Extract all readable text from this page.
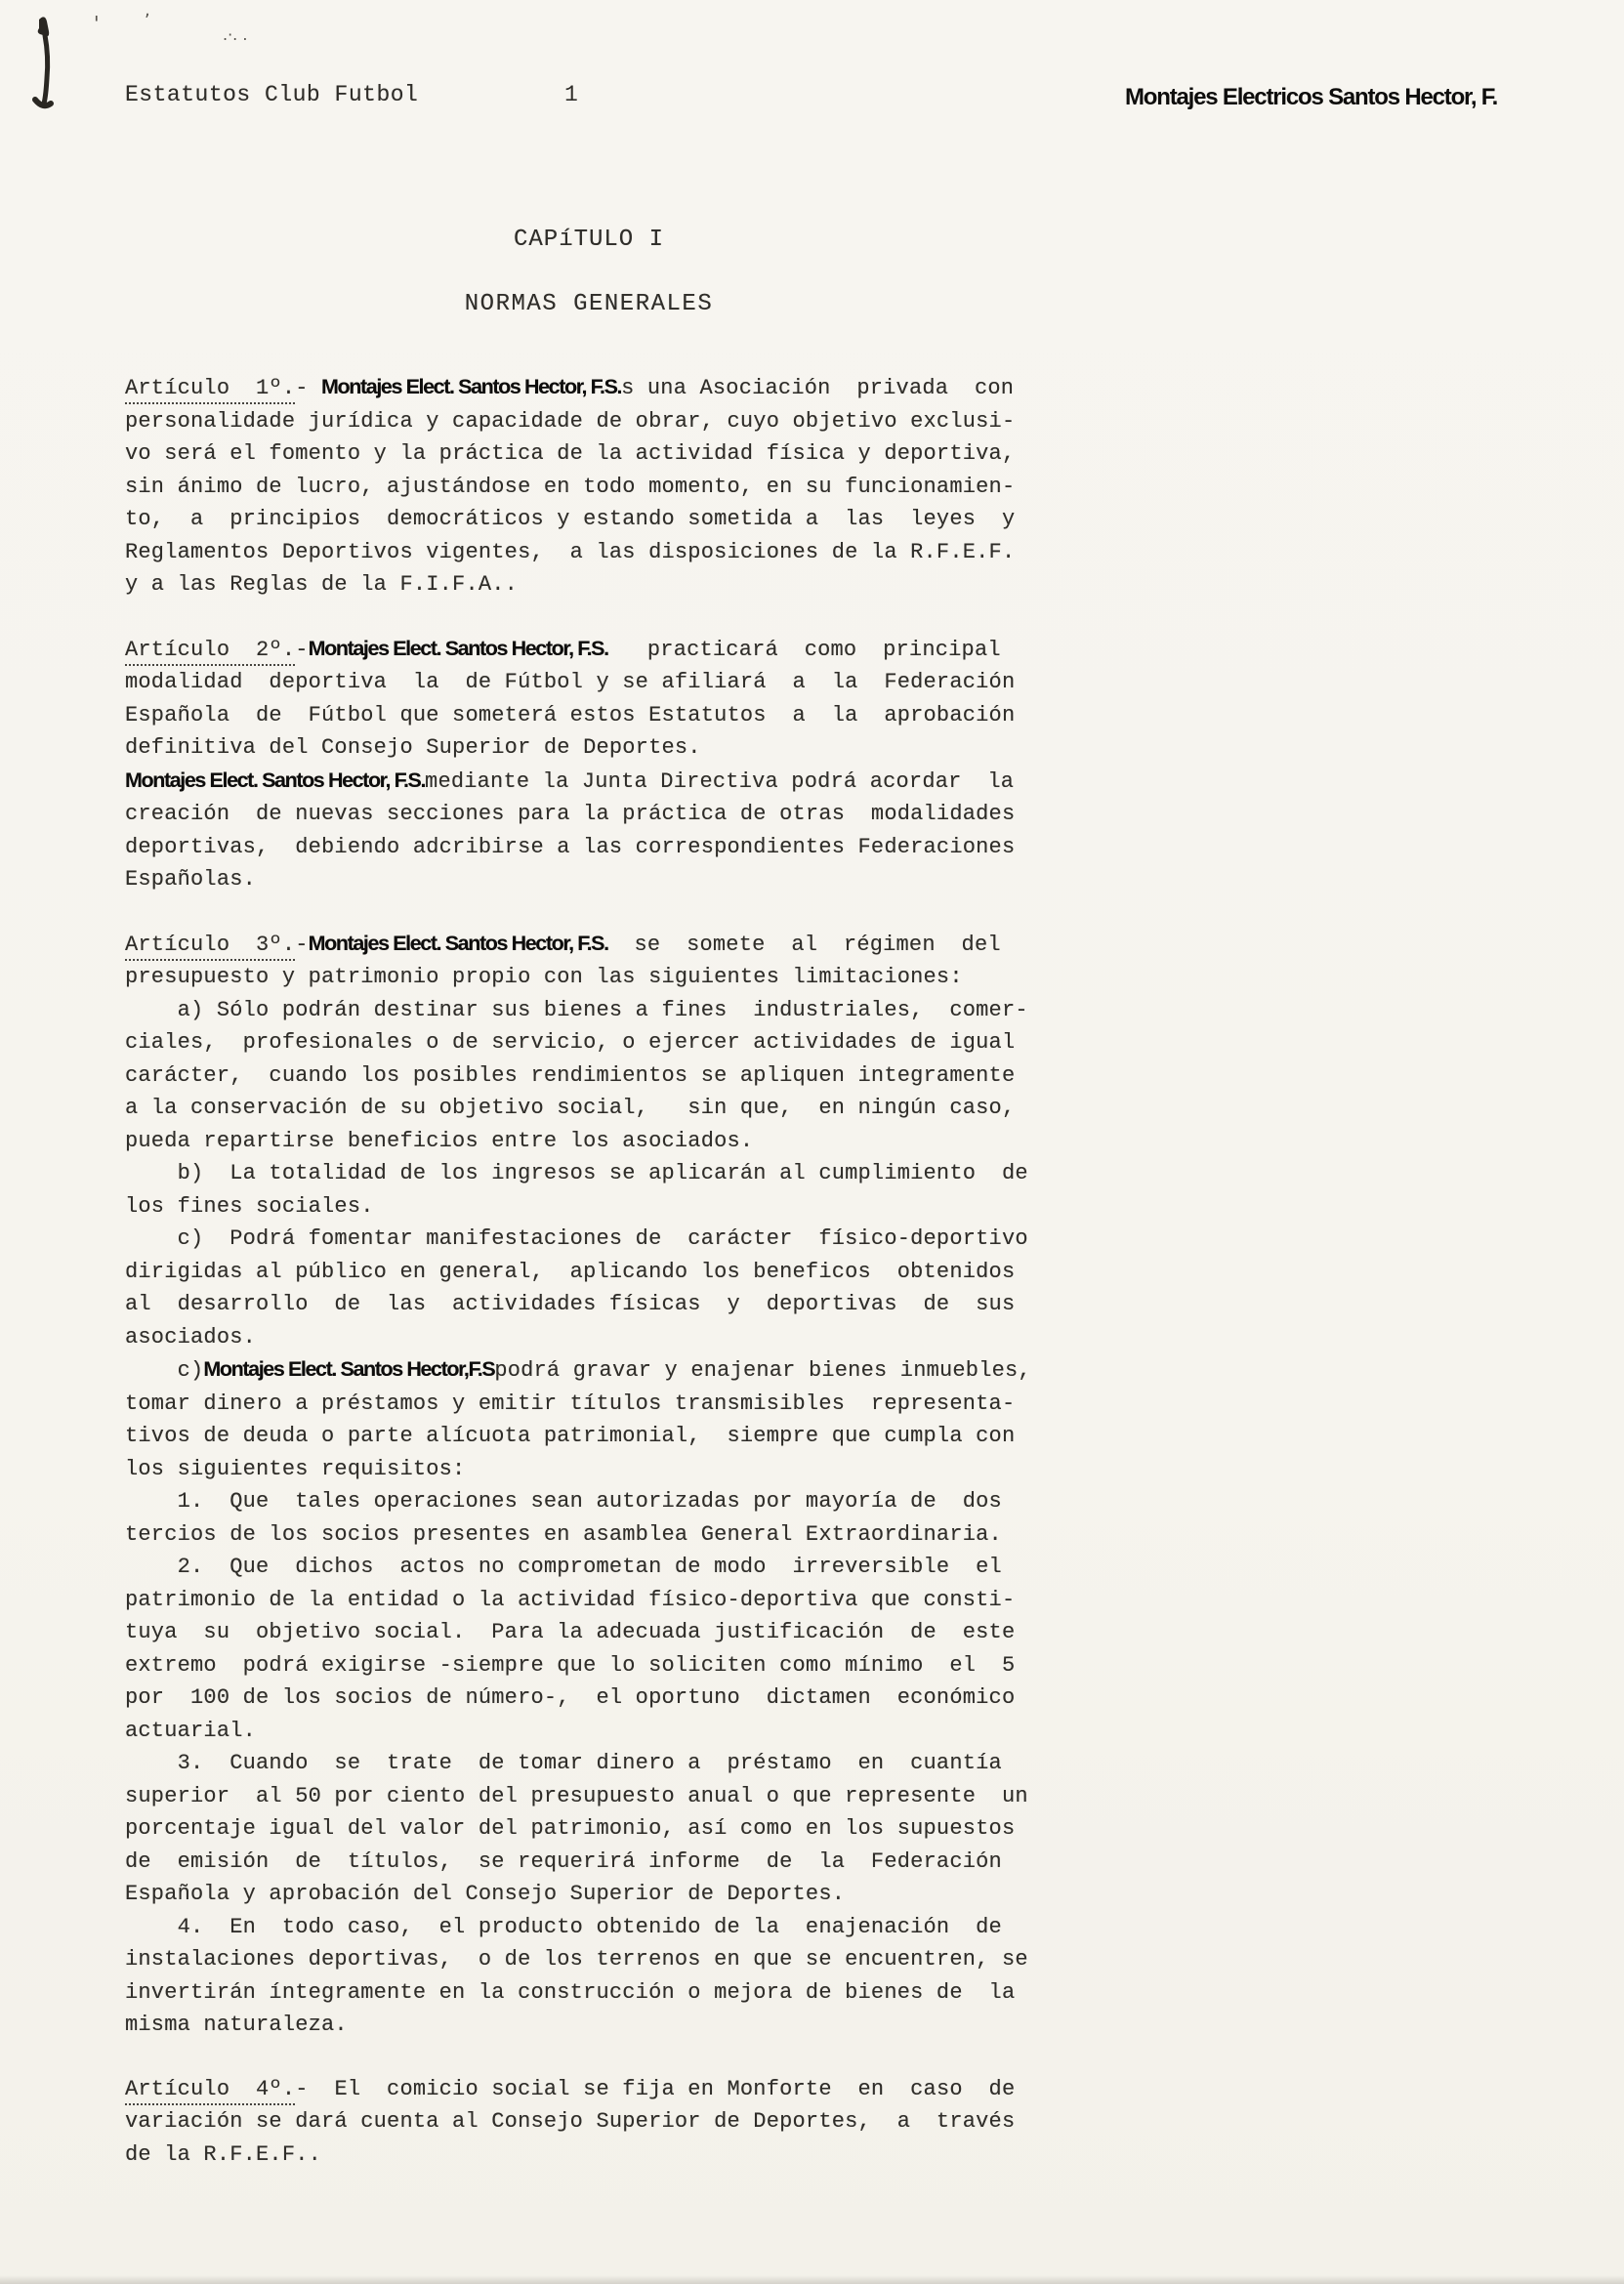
'
,
.·. .
Estatutos Club Futbol	1	Montajes Electricos Santos Hector, F.
CAPíTULO I
NORMAS GENERALES
Artículo  1º.- Montajes Elect. Santos Hector, F.S.s una Asociación  privada  con
personalidade jurídica y capacidade de obrar, cuyo objetivo exclusi-
vo será el fomento y la práctica de la actividad física y deportiva,
sin ánimo de lucro, ajustándose en todo momento, en su funcionamien-
to,  a  principios  democráticos y estando sometida a  las  leyes  y
Reglamentos Deportivos vigentes,  a las disposiciones de la R.F.E.F.
y a las Reglas de la F.I.F.A..
Artículo  2º.-Montajes Elect. Santos Hector, F.S.   practicará  como  principal
modalidad  deportiva  la  de Fútbol y se afiliará  a  la  Federación
Española  de  Fútbol que someterá estos Estatutos  a  la  aprobación
definitiva del Consejo Superior de Deportes.
Montajes Elect. Santos Hector, F.S.mediante la Junta Directiva podrá acordar  la
creación  de nuevas secciones para la práctica de otras  modalidades
deportivas,  debiendo adcribirse a las correspondientes Federaciones
Españolas.
Artículo  3º.-Montajes Elect. Santos Hector, F.S.  se  somete  al  régimen  del
presupuesto y patrimonio propio con las siguientes limitaciones:
a) Sólo podrán destinar sus bienes a fines  industriales,  comer-
ciales,  profesionales o de servicio, o ejercer actividades de igual
carácter,  cuando los posibles rendimientos se apliquen integramente
a la conservación de su objetivo social,   sin que,  en ningún caso,
pueda repartirse beneficios entre los asociados.
b)  La totalidad de los ingresos se aplicarán al cumplimiento  de
los fines sociales.
c)  Podrá fomentar manifestaciones de  carácter  físico-deportivo
dirigidas al público en general,  aplicando los beneficos  obtenidos
al  desarrollo  de  las  actividades físicas  y  deportivas  de  sus
asociados.
c)Montajes Elect. Santos Hector,F.Spodrá gravar y enajenar bienes inmuebles,
tomar dinero a préstamos y emitir títulos transmisibles  representa-
tivos de deuda o parte alícuota patrimonial,  siempre que cumpla con
los siguientes requisitos:
1.  Que  tales operaciones sean autorizadas por mayoría de  dos
tercios de los socios presentes en asamblea General Extraordinaria.
2.  Que  dichos  actos no comprometan de modo  irreversible  el
patrimonio de la entidad o la actividad físico-deportiva que consti-
tuya  su  objetivo social.  Para la adecuada justificación  de  este
extremo  podrá exigirse -siempre que lo soliciten como mínimo  el  5
por  100 de los socios de número-,  el oportuno  dictamen  económico
actuarial.
3.  Cuando  se  trate  de tomar dinero a  préstamo  en  cuantía
superior  al 50 por ciento del presupuesto anual o que represente  un
porcentaje igual del valor del patrimonio, así como en los supuestos
de  emisión  de  títulos,  se requerirá informe  de  la  Federación
Española y aprobación del Consejo Superior de Deportes.
4.  En  todo caso,  el producto obtenido de la  enajenación  de
instalaciones deportivas,  o de los terrenos en que se encuentren, se
invertirán íntegramente en la construcción o mejora de bienes de  la
misma naturaleza.
Artículo  4º.-  El  comicio social se fija en Monforte  en  caso  de
variación se dará cuenta al Consejo Superior de Deportes,  a  través
de la R.F.E.F..
